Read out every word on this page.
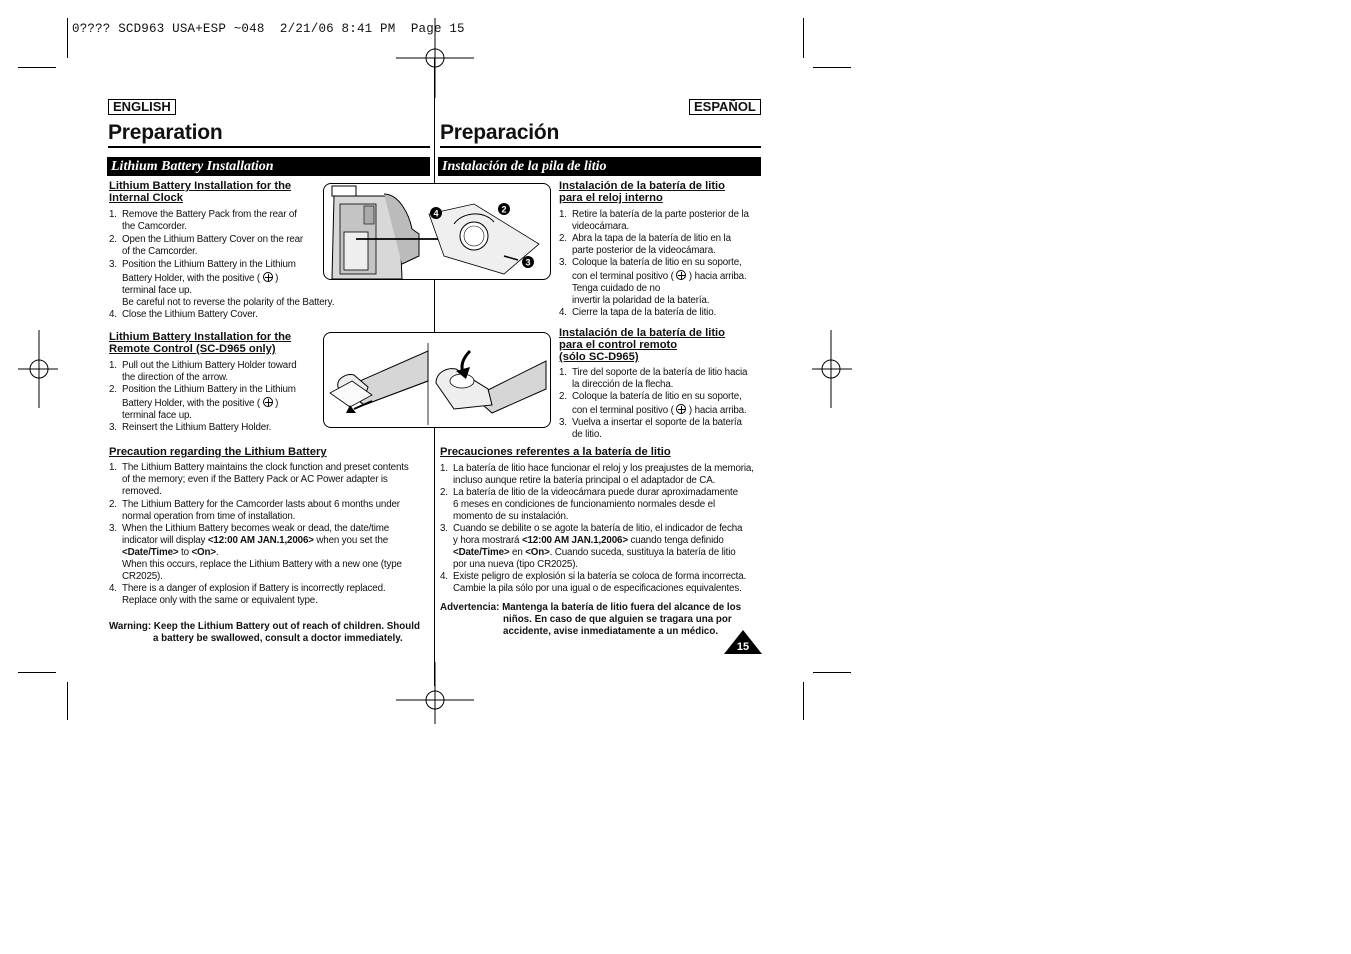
0???? SCD963 USA+ESP ~048  2/21/06 8:41 PM  Page 15
ENGLISH	ESPAÑOL
Preparation	Preparación
Lithium Battery Installation	Instalación de la pila de litio
Lithium Battery Installation for the
Internal Clock
1. Remove the Battery Pack from the rear of
the Camcorder.
2. Open the Lithium Battery Cover on the rear
of the Camcorder.
3. Position the Lithium Battery in the Lithium
Battery Holder, with the positive ( )
terminal face up.
Be careful not to reverse the polarity of the Battery.
4. Close the Lithium Battery Cover.
4	2
3
Lithium Battery Installation for the
Remote Control (SC-D965 only)
1. Pull out the Lithium Battery Holder toward
the direction of the arrow.
2. Position the Lithium Battery in the Lithium
Battery Holder, with the positive ( )
terminal face up.
3. Reinsert the Lithium Battery Holder.
Precaution regarding the Lithium Battery
1. The Lithium Battery maintains the clock function and preset contents
of the memory; even if the Battery Pack or AC Power adapter is
removed.
2. The Lithium Battery for the Camcorder lasts about 6 months under
normal operation from time of installation.
3. When the Lithium Battery becomes weak or dead, the date/time
indicator will display <12:00 AM JAN.1,2006> when you set the
<Date/Time> to <On>.
When this occurs, replace the Lithium Battery with a new one (type
CR2025).
4. There is a danger of explosion if Battery is incorrectly replaced.
Replace only with the same or equivalent type.
Warning: Keep the Lithium Battery out of reach of children. Should
a battery be swallowed, consult a doctor immediately.
Instalación de la batería de litio
para el reloj interno
1. Retire la batería de la parte posterior de la
videocámara.
2. Abra la tapa de la batería de litio en la
parte posterior de la videocámara.
3. Coloque la batería de litio en su soporte,
con el terminal positivo ( ) hacia arriba.
Tenga cuidado de no
invertir la polaridad de la batería.
4. Cierre la tapa de la batería de litio.
Instalación de la batería de litio
para el control remoto
(sólo SC-D965)
1. Tire del soporte de la batería de litio hacia
la dirección de la flecha.
2. Coloque la batería de litio en su soporte,
con el terminal positivo ( ) hacia arriba.
3. Vuelva a insertar el soporte de la batería
de litio.
Precauciones referentes a la batería de litio
1. La batería de litio hace funcionar el reloj y los preajustes de la memoria,
incluso aunque retire la batería principal o el adaptador de CA.
2. La batería de litio de la videocámara puede durar aproximadamente
6 meses en condiciones de funcionamiento normales desde el
momento de su instalación.
3. Cuando se debilite o se agote la batería de litio, el indicador de fecha
y hora mostrará <12:00 AM JAN.1,2006> cuando tenga definido
<Date/Time> en <On>. Cuando suceda, sustituya la batería de litio
por una nueva (tipo CR2025).
4. Existe peligro de explosión si la batería se coloca de forma incorrecta.
Cambie la pila sólo por una igual o de especificaciones equivalentes.
Advertencia: Mantenga la batería de litio fuera del alcance de los
niños. En caso de que alguien se tragara una por
accidente, avise inmediatamente a un médico.
15
